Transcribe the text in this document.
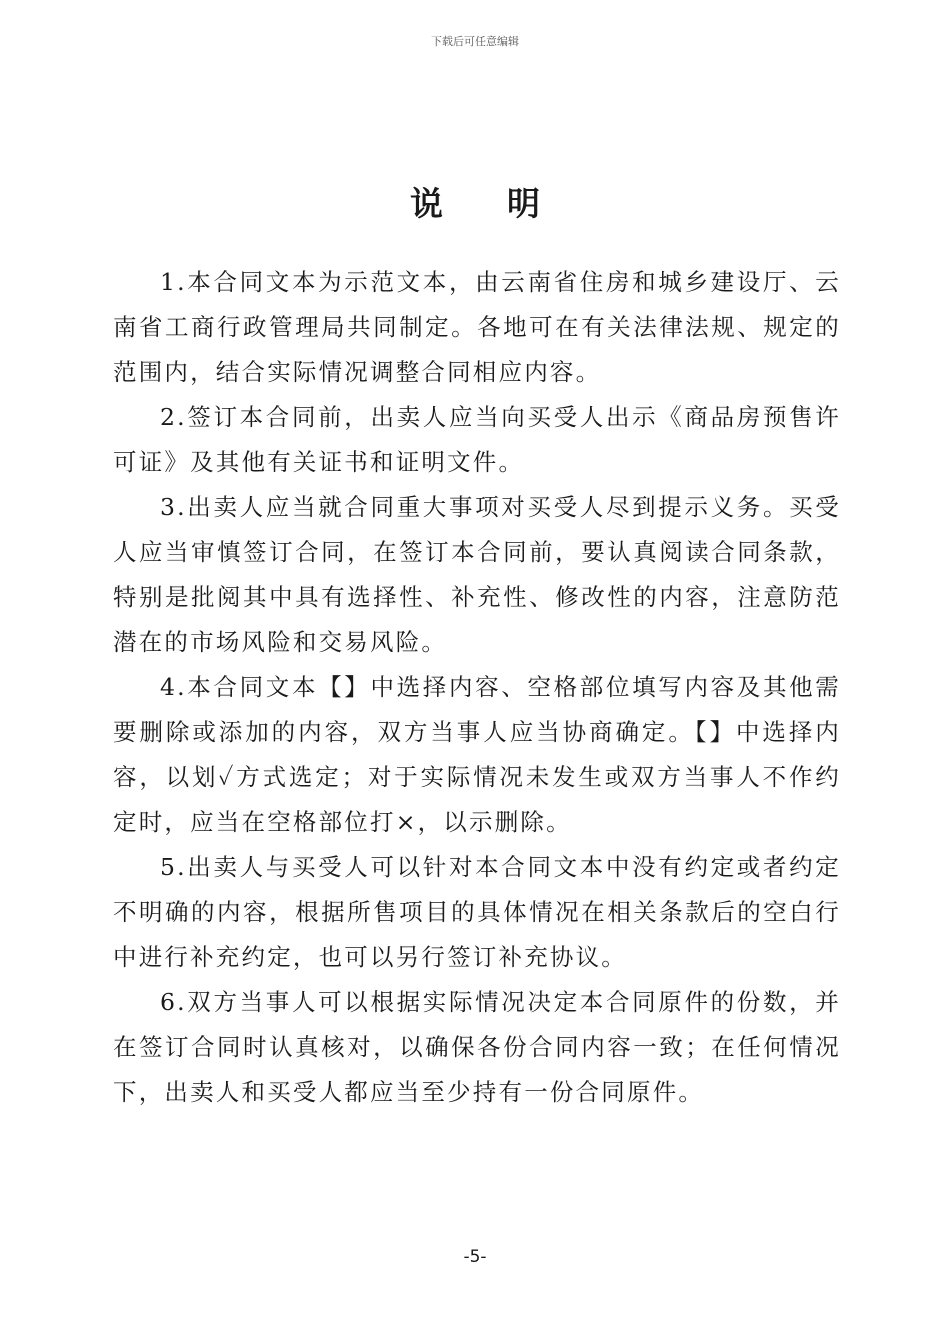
下载后可任意编辑
说明

1.本合同文本为示范文本，由云南省住房和城乡建设厅、云南省工商行政管理局共同制定。各地可在有关法律法规、规定的范围内，结合实际情况调整合同相应内容。

2.签订本合同前，出卖人应当向买受人出示《商品房预售许可证》及其他有关证书和证明文件。

3.出卖人应当就合同重大事项对买受人尽到提示义务。买受人应当审慎签订合同，在签订本合同前，要认真阅读合同条款，特别是批阅其中具有选择性、补充性、修改性的内容，注意防范潜在的市场风险和交易风险。

4.本合同文本【】中选择内容、空格部位填写内容及其他需要删除或添加的内容，双方当事人应当协商确定。【】中选择内容，以划✓方式选定；对于实际情况未发生或双方当事人不作约定时，应当在空格部位打×，以示删除。

5.出卖人与买受人可以针对本合同文本中没有约定或者约定不明确的内容，根据所售项目的具体情况在相关条款后的空白行中进行补充约定，也可以另行签订补充协议。

6.双方当事人可以根据实际情况决定本合同原件的份数，并在签订合同时认真核对，以确保各份合同内容一致；在任何情况下，出卖人和买受人都应当至少持有一份合同原件。

-5-
